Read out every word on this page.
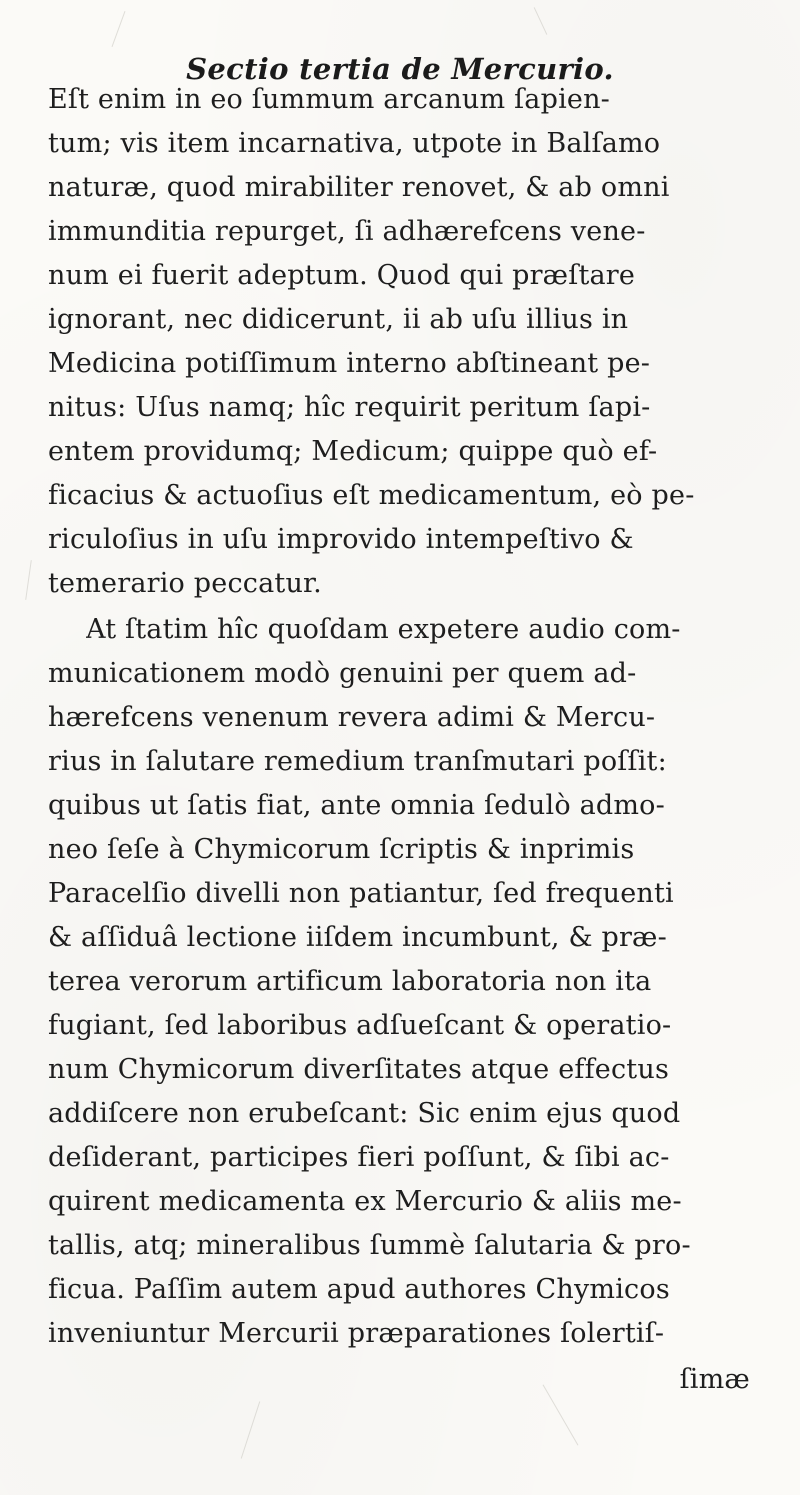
Sectio tertia de Mercurio.
Eſt enim in eo ſummum arcanum ſapien-
tum; vis item incarnativa, utpote in Balſamo
naturæ, quod mirabiliter renovet, & ab omni
immunditia repurget, ſi adhærefcens vene-
num ei fuerit adeptum. Quod qui præſtare
ignorant, nec didicerunt, ii ab uſu illius in
Medicina potiſſimum interno abſtineant pe-
nitus: Uſus namq; hîc requirit peritum ſapi-
entem providumq; Medicum; quippe quò ef-
ficacius & actuoſius eſt medicamentum, eò pe-
riculoſius in uſu improvido intempeſtivo &
temerario peccatur.
At ſtatim hîc quoſdam expetere audio com-
municationem modò genuini per quem ad-
hærefcens venenum revera adimi & Mercu-
rius in ſalutare remedium tranſmutari poſſit:
quibus ut ſatis fiat, ante omnia ſedulò admo-
neo ſeſe à Chymicorum ſcriptis & inprimis
Paracelſio divelli non patiantur, ſed frequenti
& aſſiduâ lectione iiſdem incumbunt, & præ-
terea verorum artificum laboratoria non ita
fugiant, ſed laboribus adſueſcant & operatio-
num Chymicorum diverſitates atque effectus
addiſcere non erubeſcant: Sic enim ejus quod
deſiderant, participes fieri poſſunt, & ſibi ac-
quirent medicamenta ex Mercurio & aliis me-
tallis, atq; mineralibus ſummè ſalutaria & pro-
ficua. Paſſim autem apud authores Chymicos
inveniuntur Mercurii præparationes ſolertiſ-
ſimæ
